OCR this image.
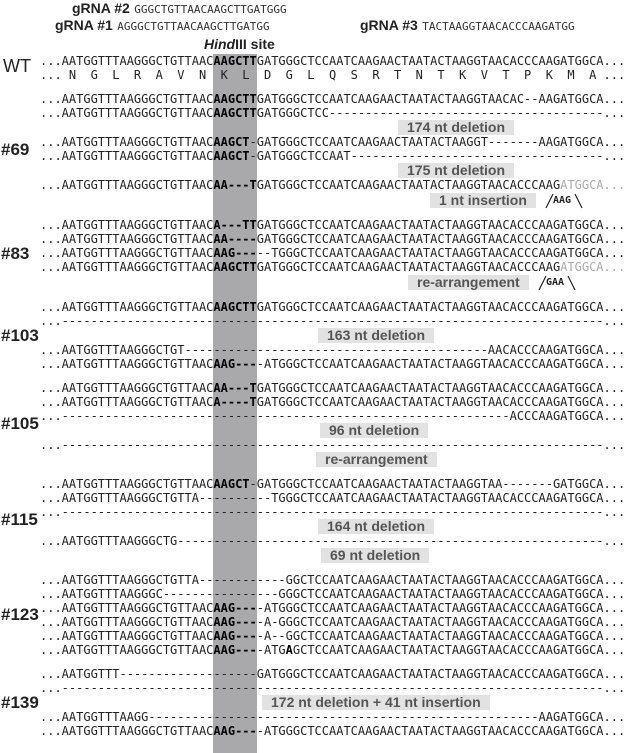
gRNA #2 GGGCTGTTAACAAGCTTGATGGG
gRNA #1 AGGGCTGTTAACAAGCTTGATGG	gRNA #3 TACTAAGGTAACACCCAAGATGG
HindIII site
WT ...AATGGTTTAAGGGCTGTTAACAAGCTTGATGGGCTCCAATCAAGAACTAATACTAAGGTAACACCCAAGATGGCA...
... N  G  L  R  A  V  N  K  L  D  G  L  Q  S  R  T  N  T  K  V  T  P  K  M  A ...
...AATGGTTTAAGGGCTGTTAACAAGCTTGATGGGCTCCAATCAAGAACTAATACTAAGGTAACAC--AAGATGGCA...
...AATGGTTTAAGGGCTGTTAACAAGCTTGATGGGCTCC--------------------------------------...
174 nt deletion
...AATGGTTTAAGGGCTGTTAACAAGCT-GATGGGCTCCAATCAAGAACTAATACTAAGGT-------AAGATGGCA...
...AATGGTTTAAGGGCTGTTAACAAGCT-GATGGGCTCCAAT-----------------------------------...
175 nt deletion
...AATGGTTTAAGGGCTGTTAACAA---TGATGGGCTCCAATCAAGAACTAATACTAAGGTAACACCCAAGATGGCA...
1 nt insertion	AAG
#69
...AATGGTTTAAGGGCTGTTAACA---TTGATGGGCTCCAATCAAGAACTAATACTAAGGTAACACCCAAGATGGCA...
...AATGGTTTAAGGGCTGTTAACAA----GATGGGCTCCAATCAAGAACTAATACTAAGGTAACACCCAAGATGGCA...
...AATGGTTTAAGGGCTGTTAACAAG-----TGGGCTCCAATCAAGAACTAATACTAAGGTAACACCCAAGATGGCA...
...AATGGTTTAAGGGCTGTTAACAAGCTTGATGGGCTCCAATCAAGAACTAATACTAAGGTAACACCCAAGATGGCA...
re-arrangement	GAA
#83
...AATGGTTTAAGGGCTGTTAACAAGCTTGATGGGCTCCAATCAAGAACTAATACTAAGGTAACACCCAAGATGGCA...
...---------------------------------------------------------------------------...
163 nt deletion
...AATGGTTTAAGGGCTGT------------------------------------------AACACCCAAGATGGCA...
...AATGGTTTAAGGGCTGTTAACAAG----ATGGGCTCCAATCAAGAACTAATACTAAGGTAACACCCAAGATGGCA...
#103
...AATGGTTTAAGGGCTGTTAACAA---TGATGGGCTCCAATCAAGAACTAATACTAAGGTAACACCCAAGATGGCA...
...AATGGTTTAAGGGCTGTTAACA----TGATGGGCTCCAATCAAGAACTAATACTAAGGTAACACCCAAGATGGCA...
...--------------------------------------------------------------ACCCAAGATGGCA...
96 nt deletion
...---------------------------------------------------------------------------...
re-arrangement
#105
...AATGGTTTAAGGGCTGTTAACAAGCT-GATGGGCTCCAATCAAGAACTAATACTAAGGTAA-------GATGGCA...
...AATGGTTTAAGGGCTGTTA----------TGGGCTCCAATCAAGAACTAATACTAAGGTAACACCCAAGATGGCA...
...---------------------------------------------------------------------------...
164 nt deletion
...AATGGTTTAAGGGCTG-----------------------------------------------------------...
69 nt deletion
#115
...AATGGTTTAAGGGCTGTTA------------GGCTCCAATCAAGAACTAATACTAAGGTAACACCCAAGATGGCA...
...AATGGTTTAAGGGC----------------GGGCTCCAATCAAGAACTAATACTAAGGTAACACCCAAGATGGCA...
...AATGGTTTAAGGGCTGTTAACAAG----ATGGGCTCCAATCAAGAACTAATACTAAGGTAACACCCAAGATGGCA...
...AATGGTTTAAGGGCTGTTAACAAG----A-GGGCTCCAATCAAGAACTAATACTAAGGTAACACCCAAGATGGCA...
...AATGGTTTAAGGGCTGTTAACAAG----A--GGCTCCAATCAAGAACTAATACTAAGGTAACACCCAAGATGGCA...
...AATGGTTTAAGGGCTGTTAACAAG----ATGAGCTCCAATCAAGAACTAATACTAAGGTAACACCCAAGATGGCA...
#123
...AATGGTTT-------------------GATGGGCTCCAATCAAGAACTAATACTAAGGTAACACCCAAGATGGCA...
...---------------------------------------------------------------------------...
172 nt deletion + 41 nt insertion
...AATGGTTTAAGG------------------------------------------------------AAGATGGCA...
...AATGGTTTAAGGGCTGTTAACAAG----ATGGGCTCCAATCAAGAACTAATACTAAGGTAACACCCAAGATGGCA...
#139
